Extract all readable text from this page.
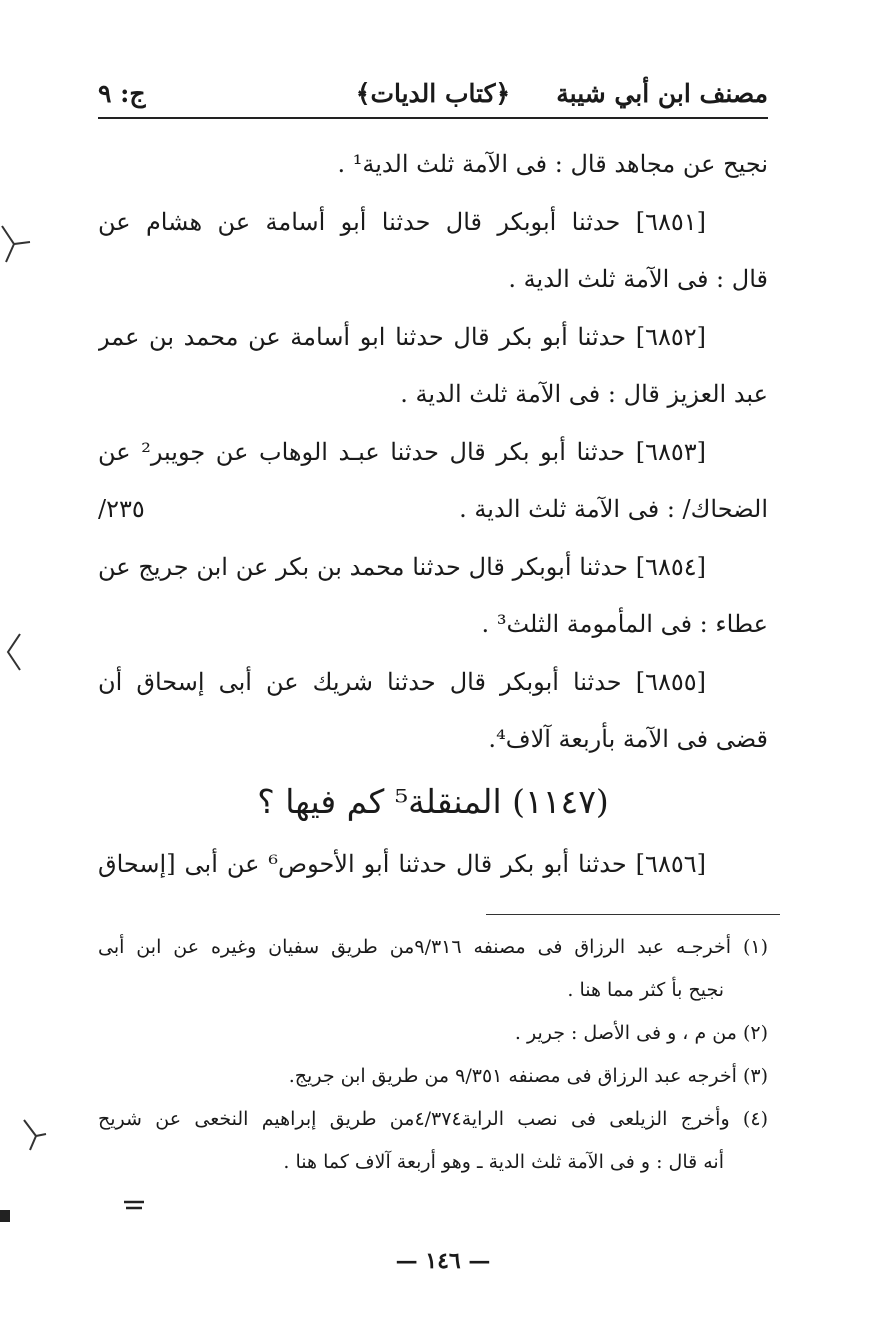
مصنف ابن أبي شيبة
﴿كتاب الديات﴾
ج: ٩
نجيح عن مجاهد قال : فى الآمة ثلث الدية¹ .
[٦٨٥١] حدثنا أبوبكر قال حدثنا أبو أسامة عن هشام عن
قال : فى الآمة ثلث الدية .
[٦٨٥٢] حدثنا أبو بكر قال حدثنا ابو أسامة عن محمد بن عمر
عبد العزيز قال : فى الآمة ثلث الدية .
[٦٨٥٣] حدثنا أبو بكر قال حدثنا عبـد الوهاب عن جويبر² عن
الضحاك/ : فى الآمة ثلث الدية .
٢٣٥/
[٦٨٥٤] حدثنا أبوبكر قال حدثنا محمد بن بكر عن ابن جريج عن
عطاء : فى المأمومة الثلث³ .
[٦٨٥٥] حدثنا أبوبكر قال حدثنا شريك عن أبى إسحاق أن
قضى فى الآمة بأربعة آلاف⁴.
(١١٤٧) المنقلة⁵ كم فيها ؟
[٦٨٥٦] حدثنا أبو بكر قال حدثنا أبو الأحوص⁶ عن أبى [إسحاق
(١) أخرجـه عبد الرزاق فى مصنفه ٩/٣١٦من طريق سفيان وغيره عن ابن أبى
نجيح بأ كثر مما هنا .
(٢) من م ، و فى الأصل : جرير .
(٣) أخرجه عبد الرزاق فى مصنفه ٩/٣٥١ من طريق ابن جريج.
(٤) وأخرج الزيلعى فى نصب الراية٤/٣٧٤من طريق إبراهيم النخعى عن شريح
أنه قال : و فى الآمة ثلث الدية ـ وهو أربعة آلاف كما هنا .
— ١٤٦ —
